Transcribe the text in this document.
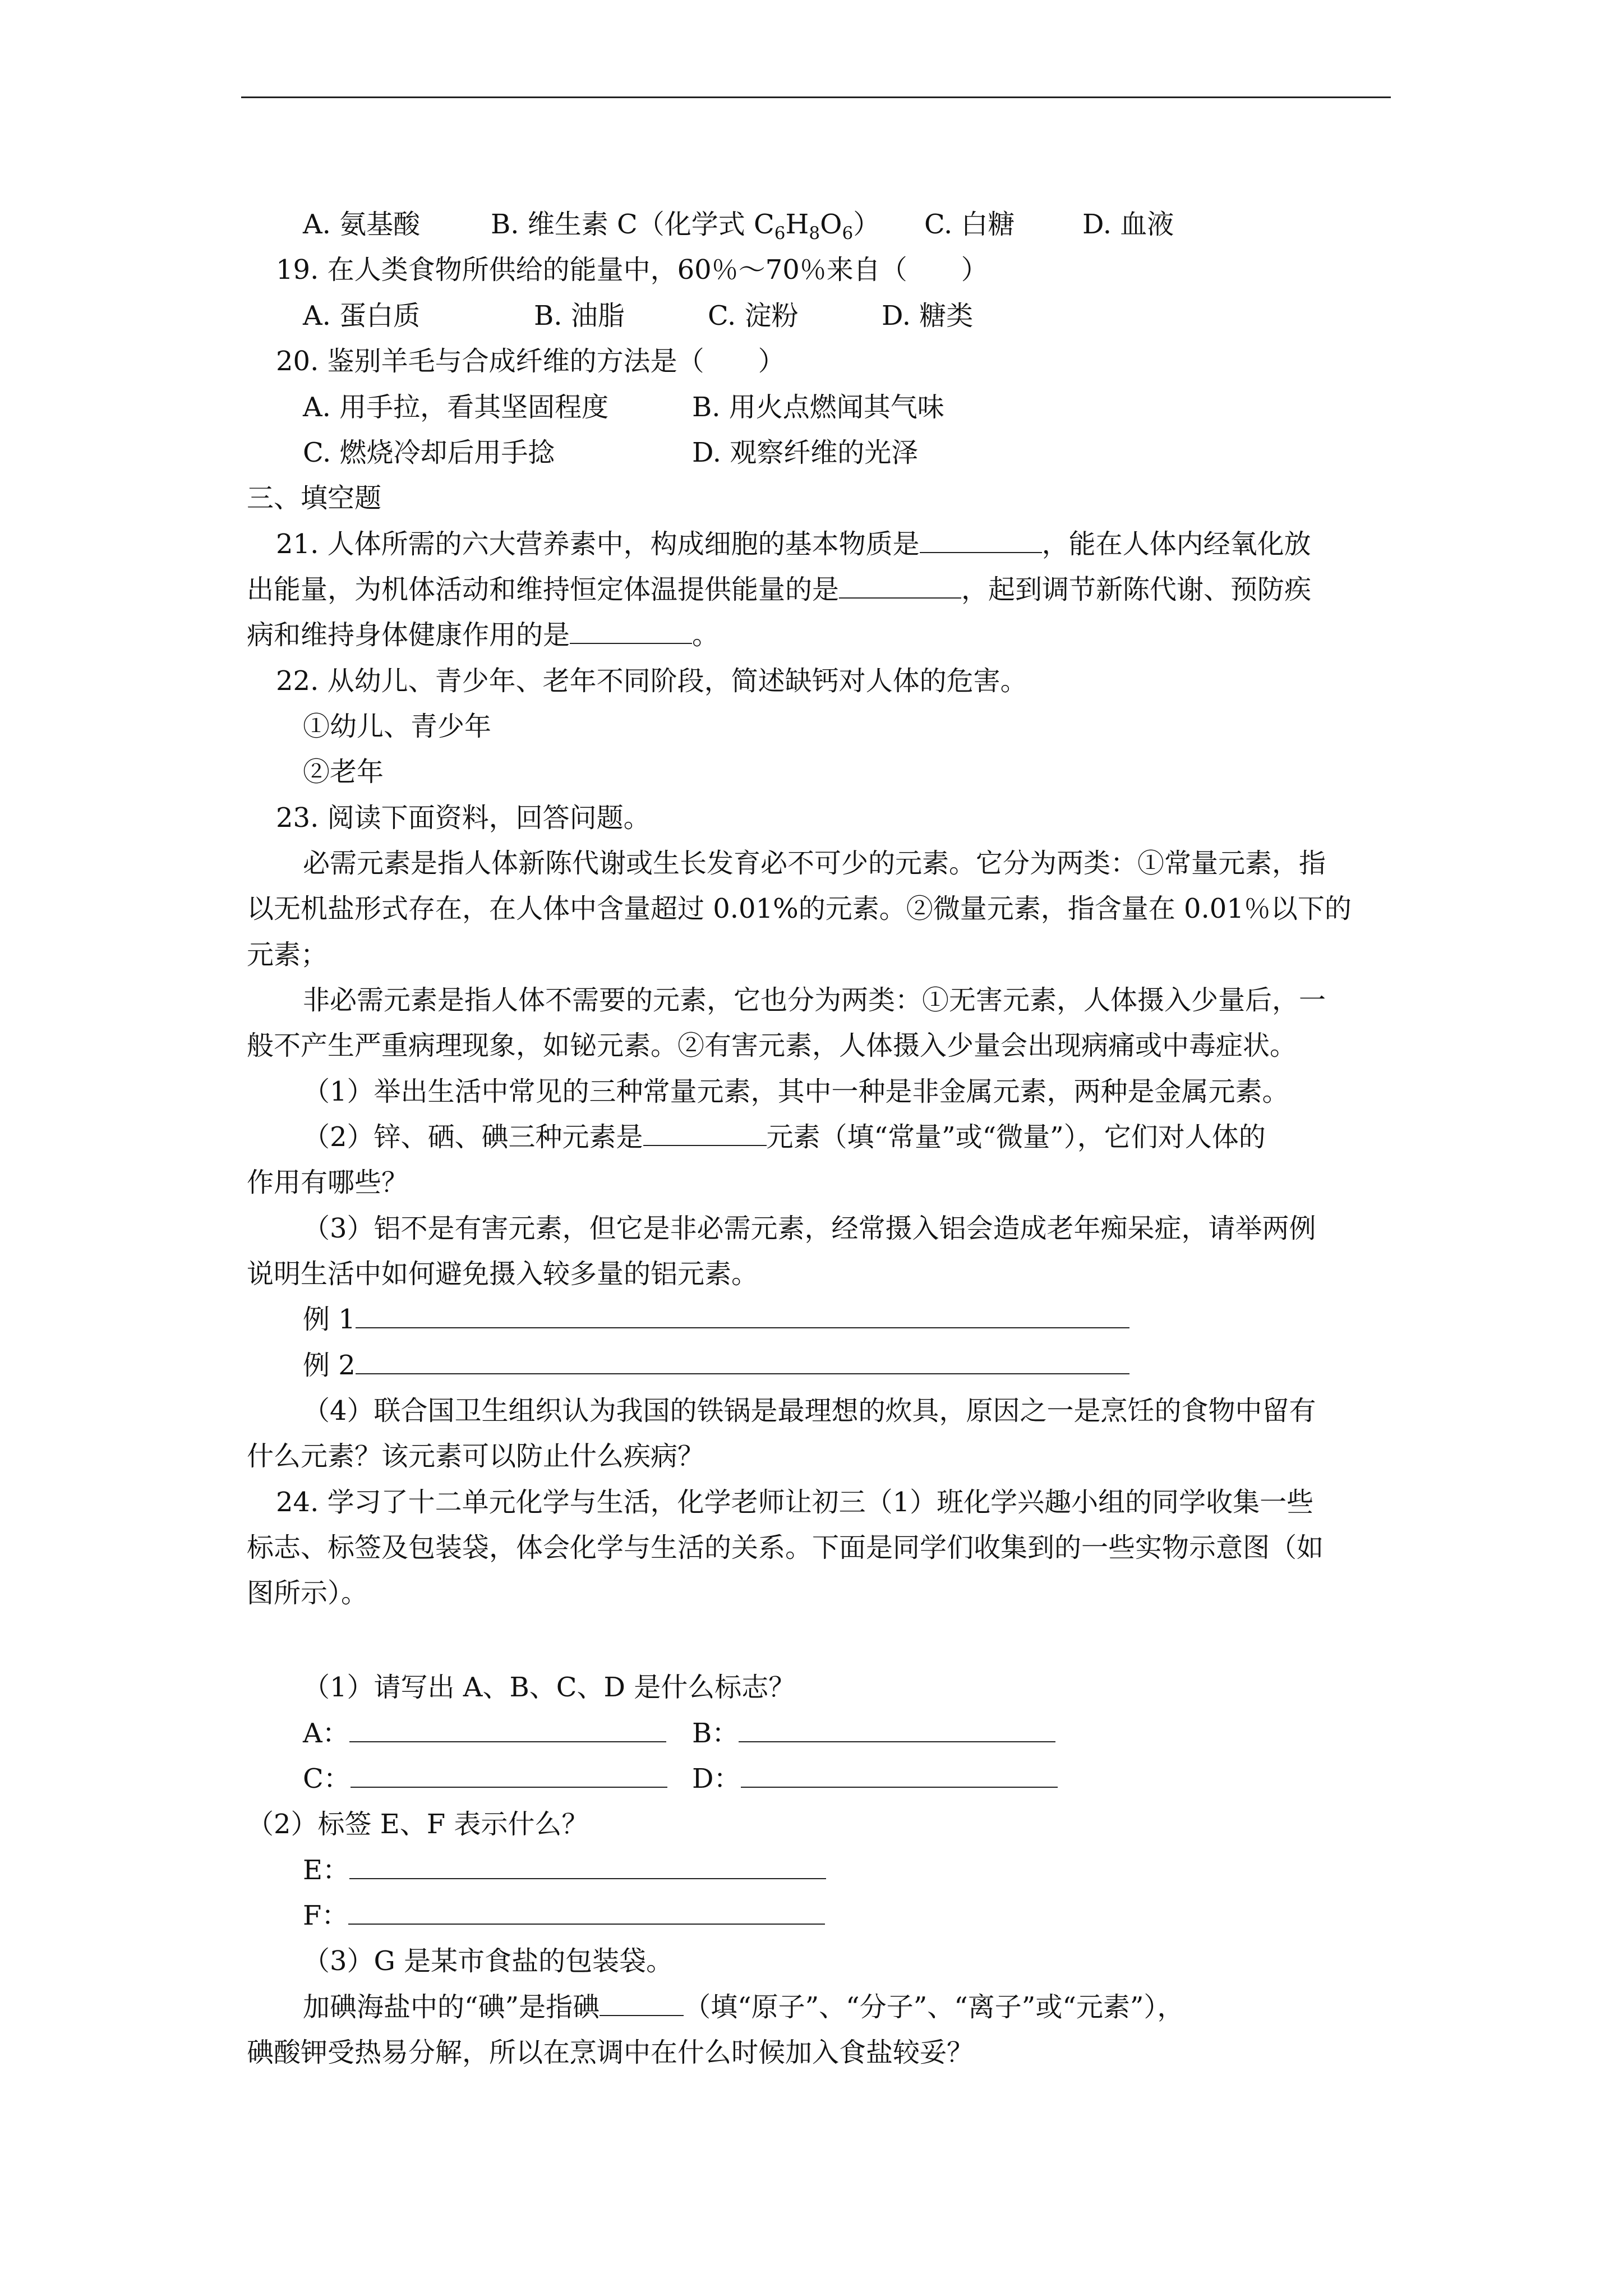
A. 氨基酸	B. 维生素 C（化学式 $C_6H_8O_6$） C. 白糖	D. 血液
19. 在人类食物所供给的能量中，60％～70％来自（　　）
A. 蛋白质	B. 油脂	C. 淀粉	D. 糖类
20. 鉴别羊毛与合成纤维的方法是（　　）
A. 用手拉，看其坚固程度	B. 用火点燃闻其气味
C. 燃烧冷却后用手捻	D. 观察纤维的光泽
三、填空题
21. 人体所需的六大营养素中，构成细胞的基本物质是	，能在人体内经氧化放
出能量，为机体活动和维持恒定体温提供能量的是	，起到调节新陈代谢、预防疾
病和维持身体健康作用的是	。
22. 从幼儿、青少年、老年不同阶段，简述缺钙对人体的危害。
①幼儿、青少年
②老年
23. 阅读下面资料，回答问题。
必需元素是指人体新陈代谢或生长发育必不可少的元素。它分为两类：①常量元素，指
以无机盐形式存在，在人体中含量超过 0.01%的元素。②微量元素，指含量在 0.01％以下的
元素；
非必需元素是指人体不需要的元素，它也分为两类：①无害元素，人体摄入少量后，一
般不产生严重病理现象，如铋元素。②有害元素，人体摄入少量会出现病痛或中毒症状。
（1）举出生活中常见的三种常量元素，其中一种是非金属元素，两种是金属元素。
（2）锌、硒、碘三种元素是	元素（填“常量”或“微量”），它们对人体的
作用有哪些？
（3）铝不是有害元素，但它是非必需元素，经常摄入铝会造成老年痴呆症，请举两例
说明生活中如何避免摄入较多量的铝元素。
例 1
例 2
（4）联合国卫生组织认为我国的铁锅是最理想的炊具，原因之一是烹饪的食物中留有
什么元素？该元素可以防止什么疾病？
24. 学习了十二单元化学与生活，化学老师让初三（1）班化学兴趣小组的同学收集一些
标志、标签及包装袋，体会化学与生活的关系。下面是同学们收集到的一些实物示意图（如
图所示）。
（1）请写出 A、B、C、D 是什么标志？
A：	B：
C：	D：
（2）标签 E、F 表示什么？
E：
F：
（3）G 是某市食盐的包装袋。
加碘海盐中的“碘”是指碘	（填“原子”、“分子”、“离子”或“元素”），
碘酸钾受热易分解，所以在烹调中在什么时候加入食盐较妥？
